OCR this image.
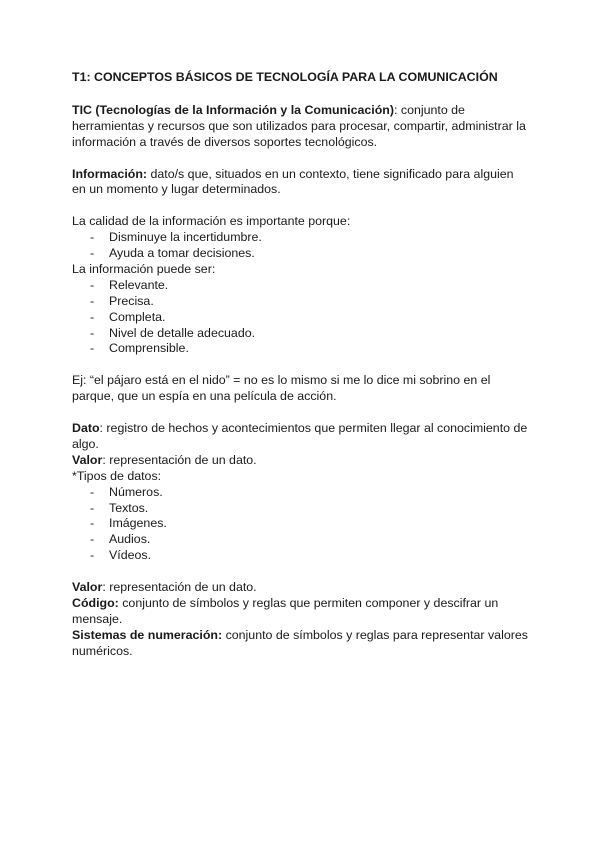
T1: CONCEPTOS BÁSICOS DE TECNOLOGÍA PARA LA COMUNICACIÓN

TIC (Tecnologías de la Información y la Comunicación): conjunto de herramientas y recursos que son utilizados para procesar, compartir, administrar la información a través de diversos soportes tecnológicos.

Información: dato/s que, situados en un contexto, tiene significado para alguien en un momento y lugar determinados.

La calidad de la información es importante porque:

- Disminuye la incertidumbre.
- Ayuda a tomar decisiones.

La información puede ser:

- Relevante.
- Precisa.
- Completa.
- Nivel de detalle adecuado.
- Comprensible.

Ej: “el pájaro está en el nido” = no es lo mismo si me lo dice mi sobrino en el parque, que un espía en una película de acción.

Dato: registro de hechos y acontecimientos que permiten llegar al conocimiento de algo.

Valor: representación de un dato.

*Tipos de datos:

- Números.
- Textos.
- Imágenes.
- Audios.
- Vídeos.

Valor: representación de un dato.

Código: conjunto de símbolos y reglas que permiten componer y descifrar un mensaje.

Sistemas de numeración: conjunto de símbolos y reglas para representar valores numéricos.
